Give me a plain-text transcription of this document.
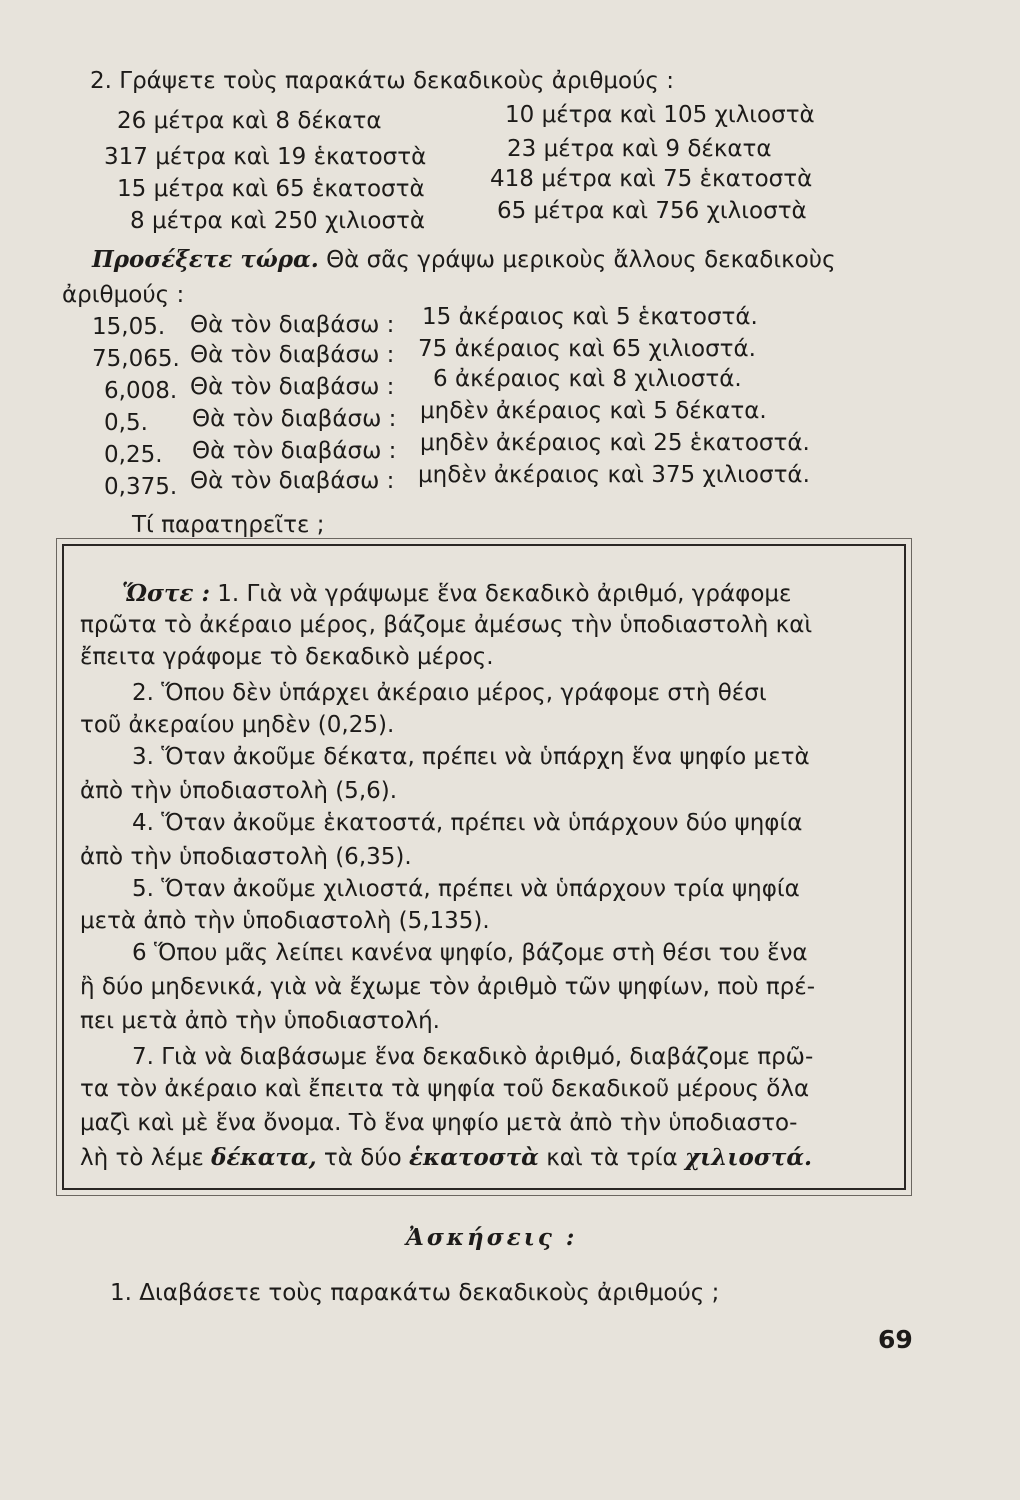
2. Γράψετε τοὺς παρακάτω δεκαδικοὺς ἀριθμούς :
26 μέτρα καὶ 8 δέκατα	10 μέτρα καὶ 105 χιλιοστὰ
317 μέτρα καὶ 19 ἑκατοστὰ	23 μέτρα καὶ 9 δέκατα
15 μέτρα καὶ 65 ἑκατοστὰ	418 μέτρα καὶ 75 ἑκατοστὰ
8 μέτρα καὶ 250 χιλιοστὰ	65 μέτρα καὶ 756 χιλιοστὰ
Προσέξετε τώρα. Θὰ σᾶς γράψω μερικοὺς ἄλλους δεκαδικοὺς
ἀριθμούς :
15,05. Θὰ τὸν διαβάσω : 15 ἀκέραιος καὶ 5 ἑκατοστά.
75,065. Θὰ τὸν διαβάσω : 75 ἀκέραιος καὶ 65 χιλιοστά.
6,008. Θὰ τὸν διαβάσω : 6 ἀκέραιος καὶ 8 χιλιοστά.
0,5. Θὰ τὸν διαβάσω : μηδὲν ἀκέραιος καὶ 5 δέκατα.
0,25. Θὰ τὸν διαβάσω : μηδὲν ἀκέραιος καὶ 25 ἑκατοστά.
0,375. Θὰ τὸν διαβάσω : μηδὲν ἀκέραιος καὶ 375 χιλιοστά.
Τί παρατηρεῖτε ;
Ὥστε : 1. Γιὰ νὰ γράψωμε ἕνα δεκαδικὸ ἀριθμό, γράφομε
πρῶτα τὸ ἀκέραιο μέρος, βάζομε ἀμέσως τὴν ὑποδιαστολὴ καὶ
ἔπειτα γράφομε τὸ δεκαδικὸ μέρος.
2. Ὅπου δὲν ὑπάρχει ἀκέραιο μέρος, γράφομε στὴ θέσι
τοῦ ἀκεραίου μηδὲν (0,25).
3. Ὅταν ἀκοῦμε δέκατα, πρέπει νὰ ὑπάρχη ἕνα ψηφίο μετὰ
ἀπὸ τὴν ὑποδιαστολὴ (5,6).
4. Ὅταν ἀκοῦμε ἑκατοστά, πρέπει νὰ ὑπάρχουν δύο ψηφία
ἀπὸ τὴν ὑποδιαστολὴ (6,35).
5. Ὅταν ἀκοῦμε χιλιοστά, πρέπει νὰ ὑπάρχουν τρία ψηφία
μετὰ ἀπὸ τὴν ὑποδιαστολὴ (5,135).
6 Ὅπου μᾶς λείπει κανένα ψηφίο, βάζομε στὴ θέσι του ἕνα
ἢ δύο μηδενικά, γιὰ νὰ ἔχωμε τὸν ἀριθμὸ τῶν ψηφίων, ποὺ πρέ-
πει μετὰ ἀπὸ τὴν ὑποδιαστολή.
7. Γιὰ νὰ διαβάσωμε ἕνα δεκαδικὸ ἀριθμό, διαβάζομε πρῶ-
τα τὸν ἀκέραιο καὶ ἔπειτα τὰ ψηφία τοῦ δεκαδικοῦ μέρους ὅλα
μαζὶ καὶ μὲ ἕνα ὄνομα. Τὸ ἕνα ψηφίο μετὰ ἀπὸ τὴν ὑποδιαστο-
λὴ τὸ λέμε δέκατα, τὰ δύο ἑκατοστὰ καὶ τὰ τρία χιλιοστά.
Ἀσκήσεις :
1. Διαβάσετε τοὺς παρακάτω δεκαδικοὺς ἀριθμούς ;
69
